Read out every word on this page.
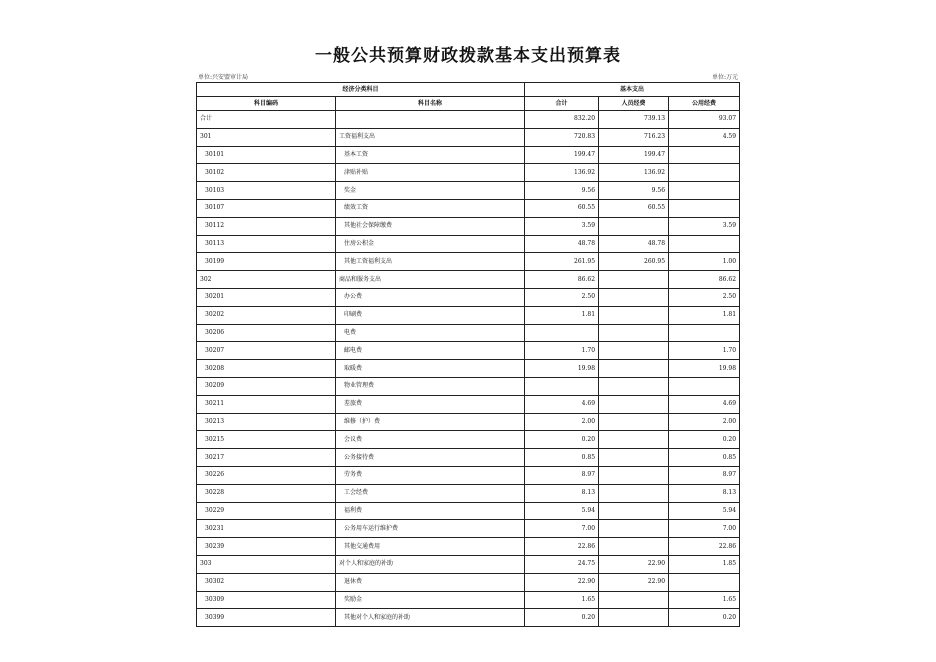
一般公共预算财政拨款基本支出预算表
单位:兴安盟审计局	单位:万元
经济分类科目		基本支出		
科目编码	科目名称	合计	人员经费	公用经费
合计		832.20	739.13	93.07
301	工资福利支出	720.83	716.23	4.59
30101	基本工资	199.47	199.47	
30102	津贴补贴	136.92	136.92	
30103	奖金	9.56	9.56	
30107	绩效工资	60.55	60.55	
30112	其他社会保障缴费	3.59		3.59
30113	住房公积金	48.78	48.78	
30199	其他工资福利支出	261.95	260.95	1.00
302	商品和服务支出	86.62		86.62
30201	办公费	2.50		2.50
30202	印刷费	1.81		1.81
30206	电费			
30207	邮电费	1.70		1.70
30208	取暖费	19.98		19.98
30209	物业管理费			
30211	差旅费	4.69		4.69
30213	维修（护）费	2.00		2.00
30215	会议费	0.20		0.20
30217	公务接待费	0.85		0.85
30226	劳务费	8.97		8.97
30228	工会经费	8.13		8.13
30229	福利费	5.94		5.94
30231	公务用车运行维护费	7.00		7.00
30239	其他交通费用	22.86		22.86
303	对个人和家庭的补助	24.75	22.90	1.85
30302	退休费	22.90	22.90	
30309	奖励金	1.65		1.65
30399	其他对个人和家庭的补助	0.20		0.20
